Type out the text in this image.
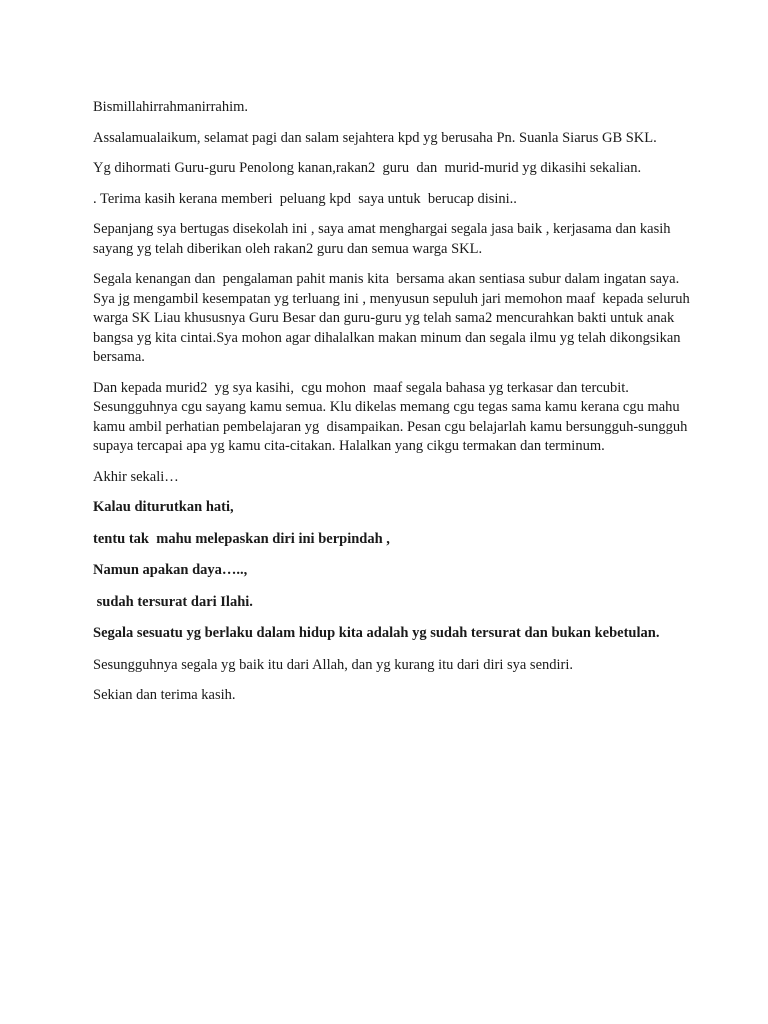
Bismillahirrahmanirrahim.

Assalamualaikum, selamat pagi dan salam sejahtera kpd yg berusaha Pn. Suanla Siarus GB SKL.

Yg dihormati Guru-guru Penolong kanan,rakan2  guru  dan  murid-murid yg dikasihi sekalian.

. Terima kasih kerana memberi  peluang kpd  saya untuk  berucap disini..

Sepanjang sya bertugas disekolah ini , saya amat menghargai segala jasa baik , kerjasama dan kasih sayang yg telah diberikan oleh rakan2 guru dan semua warga SKL.

Segala kenangan dan  pengalaman pahit manis kita  bersama akan sentiasa subur dalam ingatan saya. Sya jg mengambil kesempatan yg terluang ini , menyusun sepuluh jari memohon maaf  kepada seluruh warga SK Liau khususnya Guru Besar dan guru-guru yg telah sama2 mencurahkan bakti untuk anak bangsa yg kita cintai.Sya mohon agar dihalalkan makan minum dan segala ilmu yg telah dikongsikan bersama.

Dan kepada murid2  yg sya kasihi,  cgu mohon  maaf segala bahasa yg terkasar dan tercubit. Sesungguhnya cgu sayang kamu semua. Klu dikelas memang cgu tegas sama kamu kerana cgu mahu kamu ambil perhatian pembelajaran yg  disampaikan. Pesan cgu belajarlah kamu bersungguh-sungguh supaya tercapai apa yg kamu cita-citakan. Halalkan yang cikgu termakan dan terminum.

Akhir sekali…

Kalau diturutkan hati,

tentu tak  mahu melepaskan diri ini berpindah ,

Namun apakan daya…..,

sudah tersurat dari Ilahi.

Segala sesuatu yg berlaku dalam hidup kita adalah yg sudah tersurat dan bukan kebetulan.

Sesungguhnya segala yg baik itu dari Allah, dan yg kurang itu dari diri sya sendiri.

Sekian dan terima kasih.
